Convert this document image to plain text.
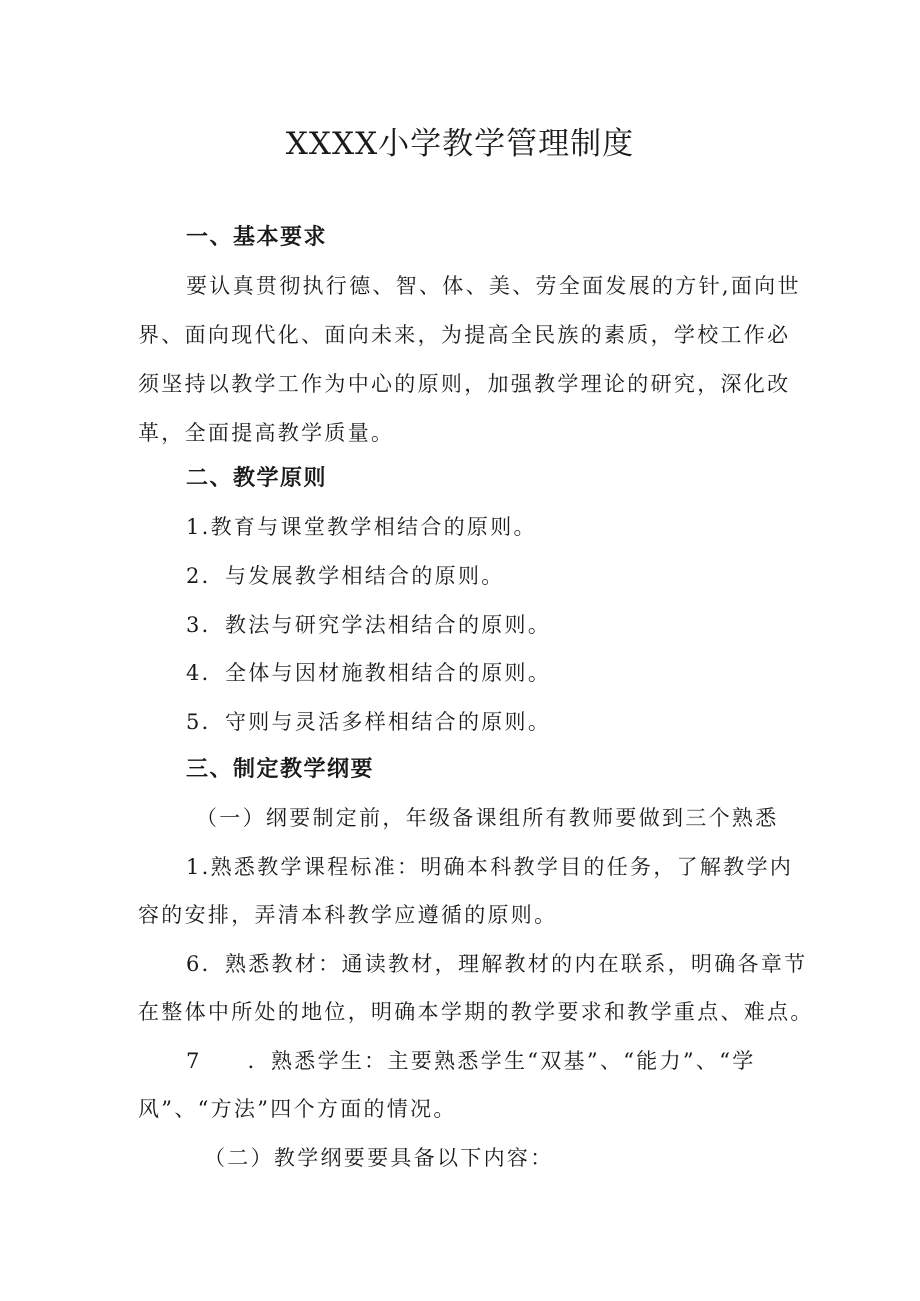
XXXX小学教学管理制度
一、基本要求
要认真贯彻执行德、智、体、美、劳全面发展的方针,面向世
界、面向现代化、面向未来，为提高全民族的素质，学校工作必
须坚持以教学工作为中心的原则，加强教学理论的研究，深化改
革，全面提高教学质量。
二、教学原则
1.教育与课堂教学相结合的原则。
2．与发展教学相结合的原则。
3．教法与研究学法相结合的原则。
4．全体与因材施教相结合的原则。
5．守则与灵活多样相结合的原则。
三、制定教学纲要
（一）纲要制定前，年级备课组所有教师要做到三个熟悉
1.熟悉教学课程标准：明确本科教学目的任务，了解教学内
容的安排，弄清本科教学应遵循的原则。
6．熟悉教材：通读教材，理解教材的内在联系，明确各章节
在整体中所处的地位，明确本学期的教学要求和教学重点、难点。
7 ．熟悉学生：主要熟悉学生“双基”、“能力”、“学
风”、“方法”四个方面的情况。
（二）教学纲要要具备以下内容：
